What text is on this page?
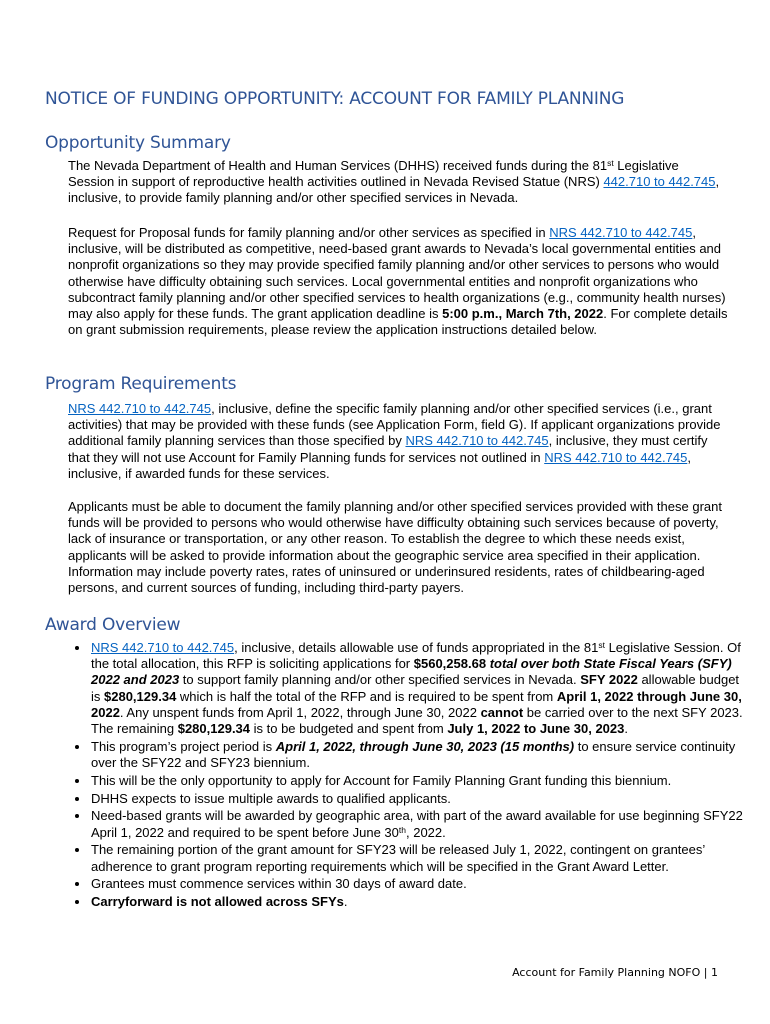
NOTICE OF FUNDING OPPORTUNITY: ACCOUNT FOR FAMILY PLANNING
Opportunity Summary

The Nevada Department of Health and Human Services (DHHS) received funds during the 81st Legislative Session in support of reproductive health activities outlined in Nevada Revised Statue (NRS) 442.710 to 442.745, inclusive, to provide family planning and/or other specified services in Nevada.

Request for Proposal funds for family planning and/or other services as specified in NRS 442.710 to 442.745, inclusive, will be distributed as competitive, need-based grant awards to Nevada’s local governmental entities and nonprofit organizations so they may provide specified family planning and/or other services to persons who would otherwise have difficulty obtaining such services. Local governmental entities and nonprofit organizations who subcontract family planning and/or other specified services to health organizations (e.g., community health nurses) may also apply for these funds. The grant application deadline is 5:00 p.m., March 7th, 2022. For complete details on grant submission requirements, please review the application instructions detailed below.

Program Requirements

NRS 442.710 to 442.745, inclusive, define the specific family planning and/or other specified services (i.e., grant activities) that may be provided with these funds (see Application Form, field G). If applicant organizations provide additional family planning services than those specified by NRS 442.710 to 442.745, inclusive, they must certify that they will not use Account for Family Planning funds for services not outlined in NRS 442.710 to 442.745, inclusive, if awarded funds for these services.

Applicants must be able to document the family planning and/or other specified services provided with these grant funds will be provided to persons who would otherwise have difficulty obtaining such services because of poverty, lack of insurance or transportation, or any other reason. To establish the degree to which these needs exist, applicants will be asked to provide information about the geographic service area specified in their application. Information may include poverty rates, rates of uninsured or underinsured residents, rates of childbearing-aged persons, and current sources of funding, including third-party payers.

Award Overview
• NRS 442.710 to 442.745, inclusive, details allowable use of funds appropriated in the 81st Legislative Session. Of the total allocation, this RFP is soliciting applications for $560,258.68 total over both State Fiscal Years (SFY) 2022 and 2023 to support family planning and/or other specified services in Nevada. SFY 2022 allowable budget is $280,129.34 which is half the total of the RFP and is required to be spent from April 1, 2022 through June 30, 2022. Any unspent funds from April 1, 2022, through June 30, 2022 cannot be carried over to the next SFY 2023. The remaining $280,129.34 is to be budgeted and spent from July 1, 2022 to June 30, 2023.
• This program’s project period is April 1, 2022, through June 30, 2023 (15 months) to ensure service continuity over the SFY22 and SFY23 biennium.
• This will be the only opportunity to apply for Account for Family Planning Grant funding this biennium.
• DHHS expects to issue multiple awards to qualified applicants.
• Need-based grants will be awarded by geographic area, with part of the award available for use beginning SFY22 April 1, 2022 and required to be spent before June 30th, 2022.
• The remaining portion of the grant amount for SFY23 will be released July 1, 2022, contingent on grantees’ adherence to grant program reporting requirements which will be specified in the Grant Award Letter.
• Grantees must commence services within 30 days of award date.
• Carryforward is not allowed across SFYs.
Account for Family Planning NOFO | 1
